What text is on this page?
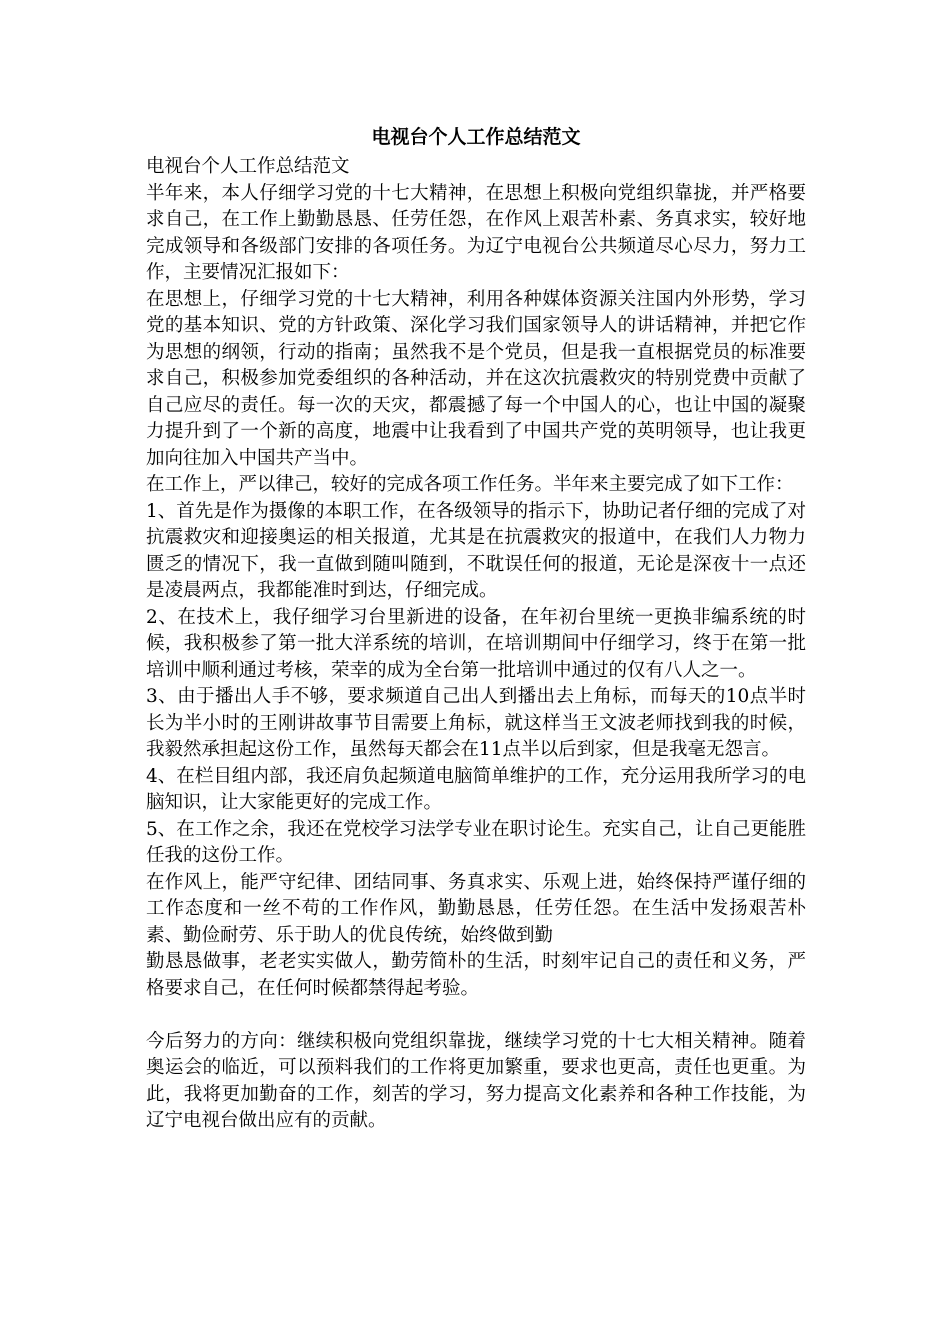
电视台个人工作总结范文

电视台个人工作总结范文

半年来，本人仔细学习党的十七大精神，在思想上积极向党组织靠拢，并严格要求自己，在工作上勤勤恳恳、任劳任怨，在作风上艰苦朴素、务真求实，较好地完成领导和各级部门安排的各项任务。为辽宁电视台公共频道尽心尽力，努力工作，主要情况汇报如下：

在思想上，仔细学习党的十七大精神，利用各种媒体资源关注国内外形势，学习党的基本知识、党的方针政策、深化学习我们国家领导人的讲话精神，并把它作为思想的纲领，行动的指南；虽然我不是个党员，但是我一直根据党员的标准要求自己，积极参加党委组织的各种活动，并在这次抗震救灾的特别党费中贡献了自己应尽的责任。每一次的天灾，都震撼了每一个中国人的心，也让中国的凝聚力提升到了一个新的高度，地震中让我看到了中国共产党的英明领导，也让我更加向往加入中国共产当中。

在工作上，严以律己，较好的完成各项工作任务。半年来主要完成了如下工作：

1、首先是作为摄像的本职工作，在各级领导的指示下，协助记者仔细的完成了对抗震救灾和迎接奥运的相关报道，尤其是在抗震救灾的报道中，在我们人力物力匮乏的情况下，我一直做到随叫随到，不耽误任何的报道，无论是深夜十一点还是凌晨两点，我都能准时到达，仔细完成。

2、在技术上，我仔细学习台里新进的设备，在年初台里统一更换非编系统的时候，我积极参了第一批大洋系统的培训，在培训期间中仔细学习，终于在第一批培训中顺利通过考核，荣幸的成为全台第一批培训中通过的仅有八人之一。

3、由于播出人手不够，要求频道自己出人到播出去上角标，而每天的10点半时长为半小时的王刚讲故事节目需要上角标，就这样当王文波老师找到我的时候，我毅然承担起这份工作，虽然每天都会在11点半以后到家，但是我毫无怨言。

4、在栏目组内部，我还肩负起频道电脑简单维护的工作，充分运用我所学习的电脑知识，让大家能更好的完成工作。

5、在工作之余，我还在党校学习法学专业在职讨论生。充实自己，让自己更能胜任我的这份工作。

在作风上，能严守纪律、团结同事、务真求实、乐观上进，始终保持严谨仔细的工作态度和一丝不苟的工作作风，勤勤恳恳，任劳任怨。在生活中发扬艰苦朴素、勤俭耐劳、乐于助人的优良传统，始终做到勤

勤恳恳做事，老老实实做人，勤劳简朴的生活，时刻牢记自己的责任和义务，严格要求自己，在任何时候都禁得起考验。

今后努力的方向：继续积极向党组织靠拢，继续学习党的十七大相关精神。随着奥运会的临近，可以预料我们的工作将更加繁重，要求也更高，责任也更重。为此，我将更加勤奋的工作，刻苦的学习，努力提高文化素养和各种工作技能，为辽宁电视台做出应有的贡献。
